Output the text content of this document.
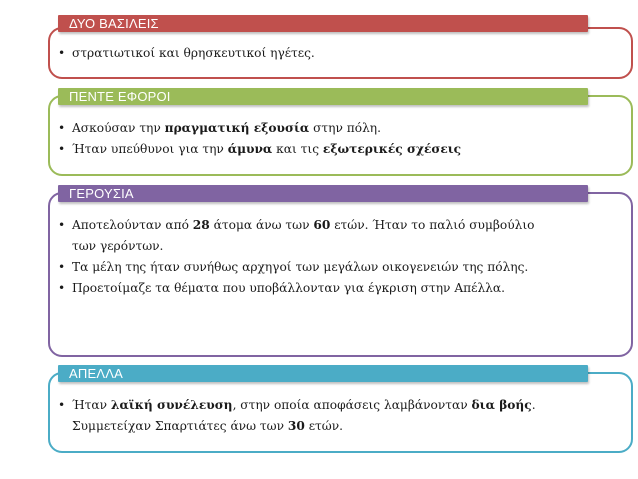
ΔΥΟ ΒΑΣΙΛΕΙΣ
• στρατιωτικοί και θρησκευτικοί ηγέτες.
ΠΕΝΤΕ ΕΦΟΡΟΙ
• Ασκούσαν την πραγματική εξουσία στην πόλη.
• Ήταν υπεύθυνοι για την άμυνα και τις εξωτερικές σχέσεις
ΓΕΡΟΥΣΙΑ
• Αποτελούνταν από 28 άτομα άνω των 60 ετών. Ήταν το παλιό συμβούλιο των γερόντων.
• Τα μέλη της ήταν συνήθως αρχηγοί των μεγάλων οικογενειών της πόλης.
• Προετοίμαζε τα θέματα που υποβάλλονταν για έγκριση στην Απέλλα.
ΑΠΕΛΛΑ
• Ήταν λαϊκή συνέλευση, στην οποία αποφάσεις λαμβάνονταν δια βοής. Συμμετείχαν Σπαρτιάτες άνω των 30 ετών.
